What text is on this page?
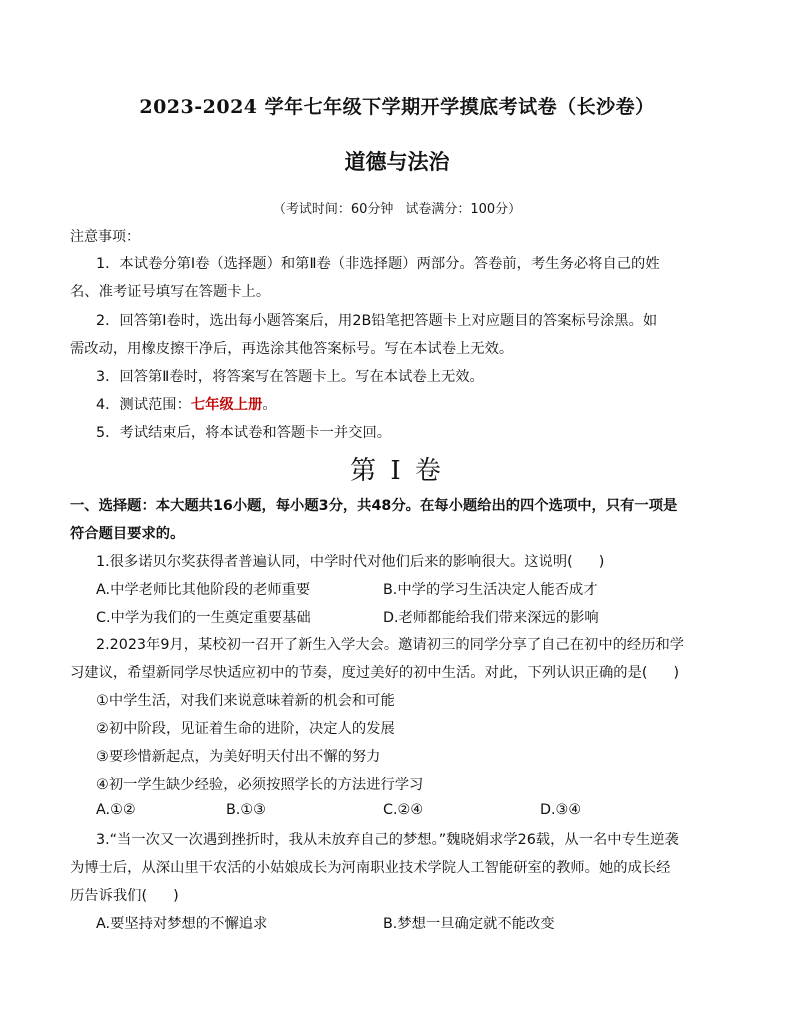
2023-2024 学年七年级下学期开学摸底考试卷（长沙卷）
道德与法治
（考试时间：60分钟 试卷满分：100分）
注意事项：
1．本试卷分第Ⅰ卷（选择题）和第Ⅱ卷（非选择题）两部分。答卷前，考生务必将自己的姓
名、准考证号填写在答题卡上。
2．回答第Ⅰ卷时，选出每小题答案后，用2B铅笔把答题卡上对应题目的答案标号涂黑。如
需改动，用橡皮擦干净后，再选涂其他答案标号。写在本试卷上无效。
3．回答第Ⅱ卷时，将答案写在答题卡上。写在本试卷上无效。
4．测试范围：七年级上册。
5．考试结束后，将本试卷和答题卡一并交回。
第 I 卷
一、选择题：本大题共16小题，每小题3分，共48分。在每小题给出的四个选项中，只有一项是
符合题目要求的。
1.很多诺贝尔奖获得者普遍认同，中学时代对他们后来的影响很大。这说明( )
A.中学老师比其他阶段的老师重要	B.中学的学习生活决定人能否成才
C.中学为我们的一生奠定重要基础	D.老师都能给我们带来深远的影响
2.2023年9月，某校初一召开了新生入学大会。邀请初三的同学分享了自己在初中的经历和学
习建议，希望新同学尽快适应初中的节奏，度过美好的初中生活。对此，下列认识正确的是( )
①中学生活，对我们来说意味着新的机会和可能
②初中阶段，见证着生命的进阶，决定人的发展
③要珍惜新起点，为美好明天付出不懈的努力
④初一学生缺少经验，必须按照学长的方法进行学习
A.①②	B.①③	C.②④	D.③④
3.“当一次又一次遇到挫折时，我从未放弃自己的梦想。”魏晓娟求学26载，从一名中专生逆袭
为博士后，从深山里干农活的小姑娘成长为河南职业技术学院人工智能研室的教师。她的成长经
历告诉我们( )
A.要坚持对梦想的不懈追求	B.梦想一旦确定就不能改变
